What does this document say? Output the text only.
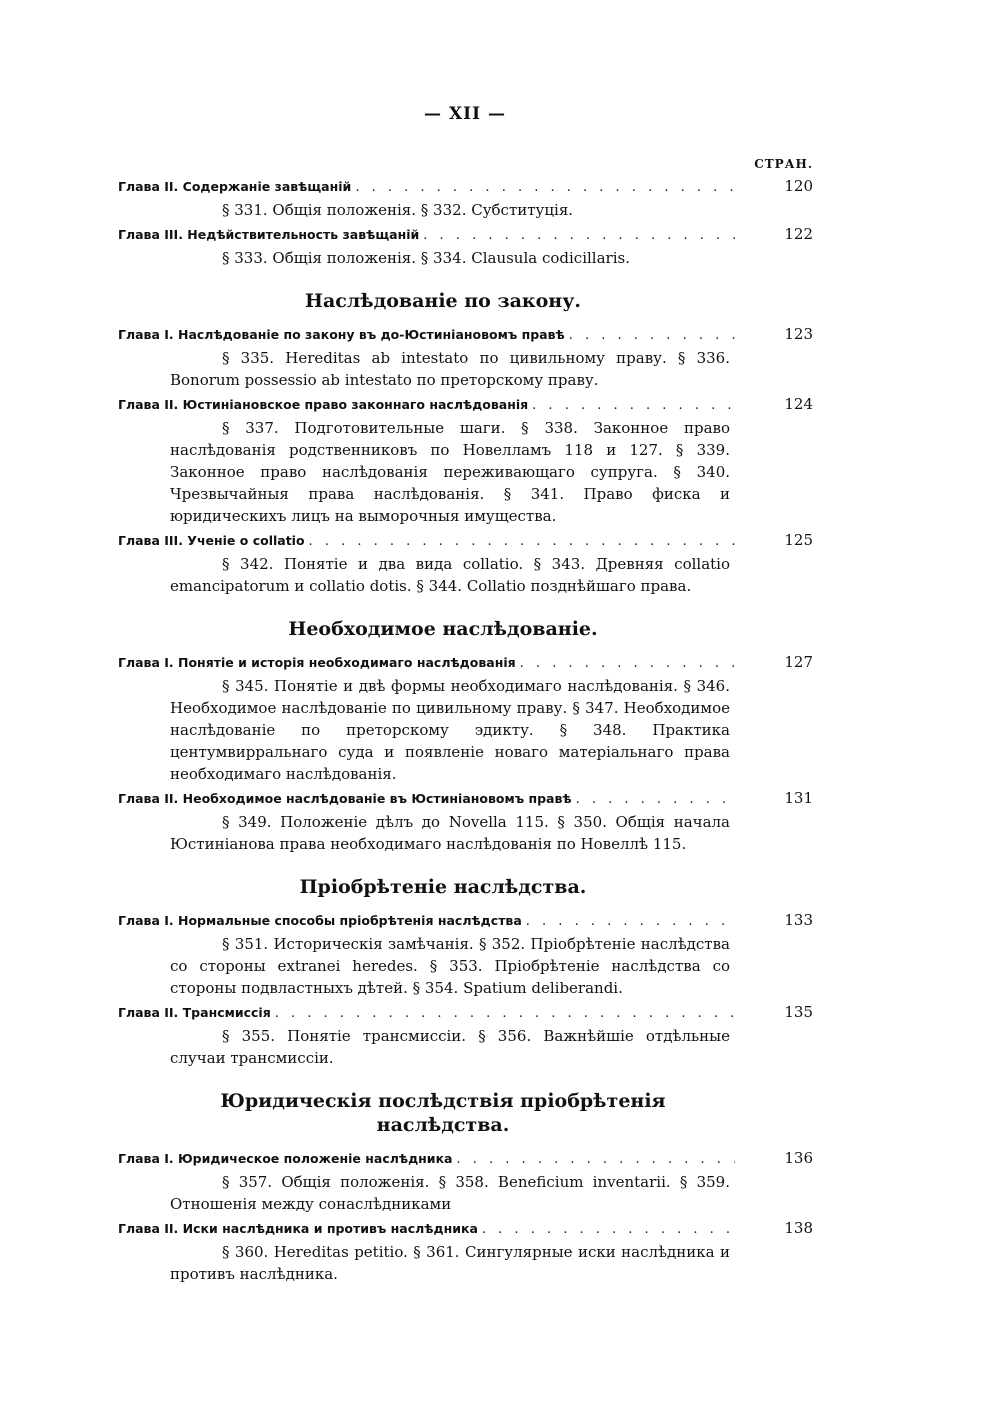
— XII —
СТРАН.
Глава II. Содержаніе завѣщаній . . .	120
§ 331. Общія положенія. § 332. Субституція.
Глава III. Недѣйствительность завѣщаній . . .	122
§ 333. Общія положенія. § 334. Clausula codicillaris.
Наслѣдованіе по закону.
Глава I. Наслѣдованіе по закону въ до-Юстиніановомъ правѣ . . .	123
§ 335. Hereditas ab intestato по цивильному праву. § 336. Bonorum possessio ab intestato по преторскому праву.
Глава II. Юстиніановское право законнаго наслѣдованія . . .	124
§ 337. Подготовительные шаги. § 338. Законное право наслѣдованія родственниковъ по Новелламъ 118 и 127. § 339. Законное право наслѣдованія переживающаго супруга. § 340. Чрезвычайныя права наслѣдованія. § 341. Право фиска и юридическихъ лицъ на выморочныя имущества.
Глава III. Ученіе о collatio . . .	125
§ 342. Понятіе и два вида collatio. § 343. Древняя collatio emancipatorum и collatio dotis. § 344. Collatio позднѣйшаго права.
Необходимое наслѣдованіе.
Глава I. Понятіе и исторія необходимаго наслѣдованія . . .	127
§ 345. Понятіе и двѣ формы необходимаго наслѣдованія. § 346. Необходимое наслѣдованіе по цивильному праву. § 347. Необходимое наслѣдованіе по преторскому эдикту. § 348. Практика центумвирральнаго суда и появленіе новаго матеріальнаго права необходимаго наслѣдованія.
Глава II. Необходимое наслѣдованіе въ Юстиніановомъ правѣ . . .	131
§ 349. Положеніе дѣлъ до Novella 115. § 350. Общія начала Юстиніанова права необходимаго наслѣдованія по Новеллѣ 115.
Пріобрѣтеніе наслѣдства.
Глава I. Нормальные способы пріобрѣтенія наслѣдства . . .	133
§ 351. Историческія замѣчанія. § 352. Пріобрѣтеніе наслѣдства со стороны extranei heredes. § 353. Пріобрѣтеніе наслѣдства со стороны подвластныхъ дѣтей. § 354. Spatium deliberandi.
Глава II. Трансмиссія . . .	135
§ 355. Понятіе трансмиссіи. § 356. Важнѣйшіе отдѣльные случаи трансмиссіи.
Юридическія послѣдствія пріобрѣтенія наслѣдства.
Глава I. Юридическое положеніе наслѣдника . . .	136
§ 357. Общія положенія. § 358. Beneficium inventarii. § 359. Отношенія между сонаслѣдниками
Глава II. Иски наслѣдника и противъ наслѣдника . . .	138
§ 360. Hereditas petitio. § 361. Сингулярные иски наслѣдника и противъ наслѣдника.
